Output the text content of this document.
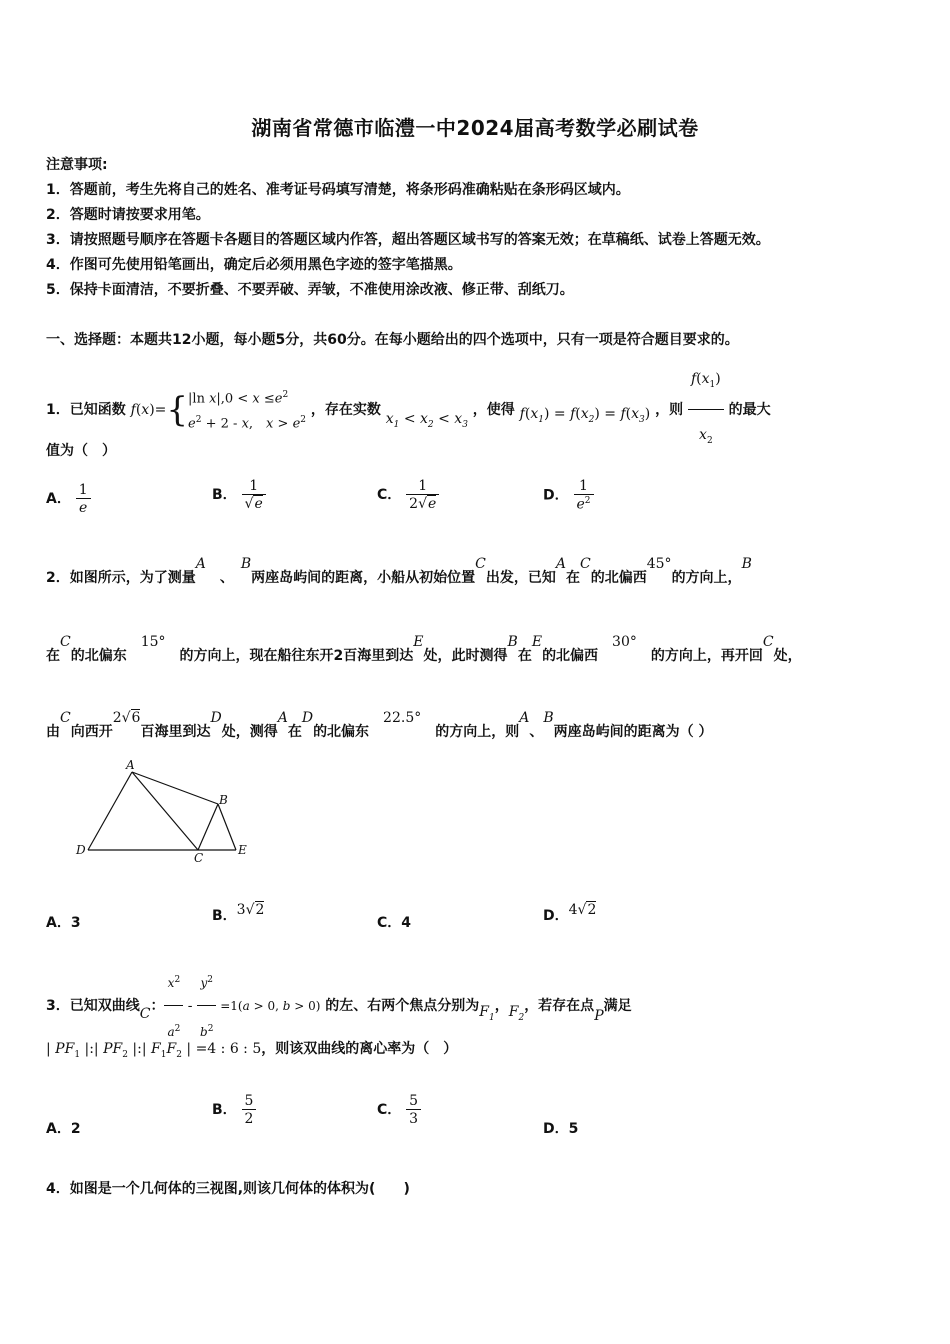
湖南省常德市临澧一中2024届高考数学必刷试卷
注意事项:
1．答题前，考生先将自己的姓名、准考证号码填写清楚，将条形码准确粘贴在条形码区域内。
2．答题时请按要求用笔。
3．请按照题号顺序在答题卡各题目的答题区域内作答，超出答题区域书写的答案无效；在草稿纸、试卷上答题无效。
4．作图可先使用铅笔画出，确定后必须用黑色字迹的签字笔描黑。
5．保持卡面清洁，不要折叠、不要弄破、弄皱，不准使用涂改液、修正带、刮纸刀。
一、选择题：本题共12小题，每小题5分，共60分。在每小题给出的四个选项中，只有一项是符合题目要求的。
1．已知函数 f(x)={ |ln $x|,0 < x \le e^2$
$e^2 + 2 - x$,　$x > e^2$
，存在实数 $x_1 < x_2 < x_3$ ，使得 $f(x_1) = f(x_2) = f(x_3)$ ，则 $\frac{f(x_1)}{x_2}$ 的最大
值为（　）
A． $\frac{1}{e}$	B． $\frac{1}{√e}$	C． $\frac{1}{2√e}$	D． $\frac{1}{e^2}$
2．如图所示，为了测量A　、　B两座岛屿间的距离，小船从初始位置C出发，已知A在C的北偏西45°的方向上，B
在C的北偏东　15°　的方向上，现在船往东开2百海里到达E处，此时测得B在E的北偏西　30°　的方向上，再开回C处，
由C向西开2√6百海里到达D处，测得A在D的北偏东　22.5°　的方向上，则A、B两座岛屿间的距离为（ ）
A
B
C
D	E
A．3	B．3√2
C．4	D．4√2
3．已知双曲线C： $\frac{x^2}{a^2} - \frac{y^2}{b^2} =1(a > 0$, b > 0) 的左、右两个焦点分别为$F_1$，$F_2$，若存在点P满足
| $PF_1$ |:| $PF_2$ |:| $F_1F_2$ | =4 : 6 : 5，则该双曲线的离心率为（　）
A．2
B． $\frac{5}{2}$	C． $\frac{5}{3}$
D．5
4．如图是一个几何体的三视图,则该几何体的体积为(　　)
